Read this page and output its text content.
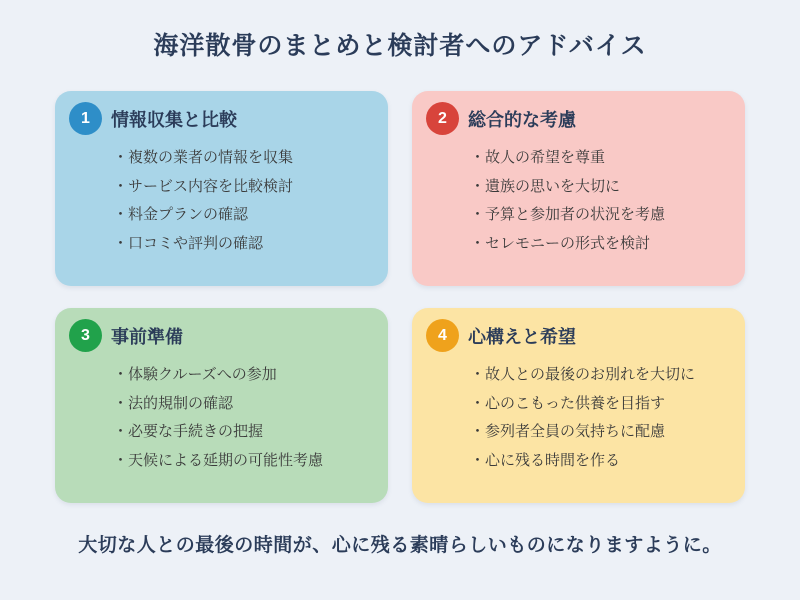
海洋散骨のまとめと検討者へのアドバイス
1	情報収集と比較
・複数の業者の情報を収集
・サービス内容を比較検討
・料金プランの確認
・口コミや評判の確認
2	総合的な考慮
・故人の希望を尊重
・遺族の思いを大切に
・予算と参加者の状況を考慮
・セレモニーの形式を検討
3	事前準備
・体験クルーズへの参加
・法的規制の確認
・必要な手続きの把握
・天候による延期の可能性考慮
4	心構えと希望
・故人との最後のお別れを大切に
・心のこもった供養を目指す
・参列者全員の気持ちに配慮
・心に残る時間を作る

大切な人との最後の時間が、心に残る素晴らしいものになりますように。
